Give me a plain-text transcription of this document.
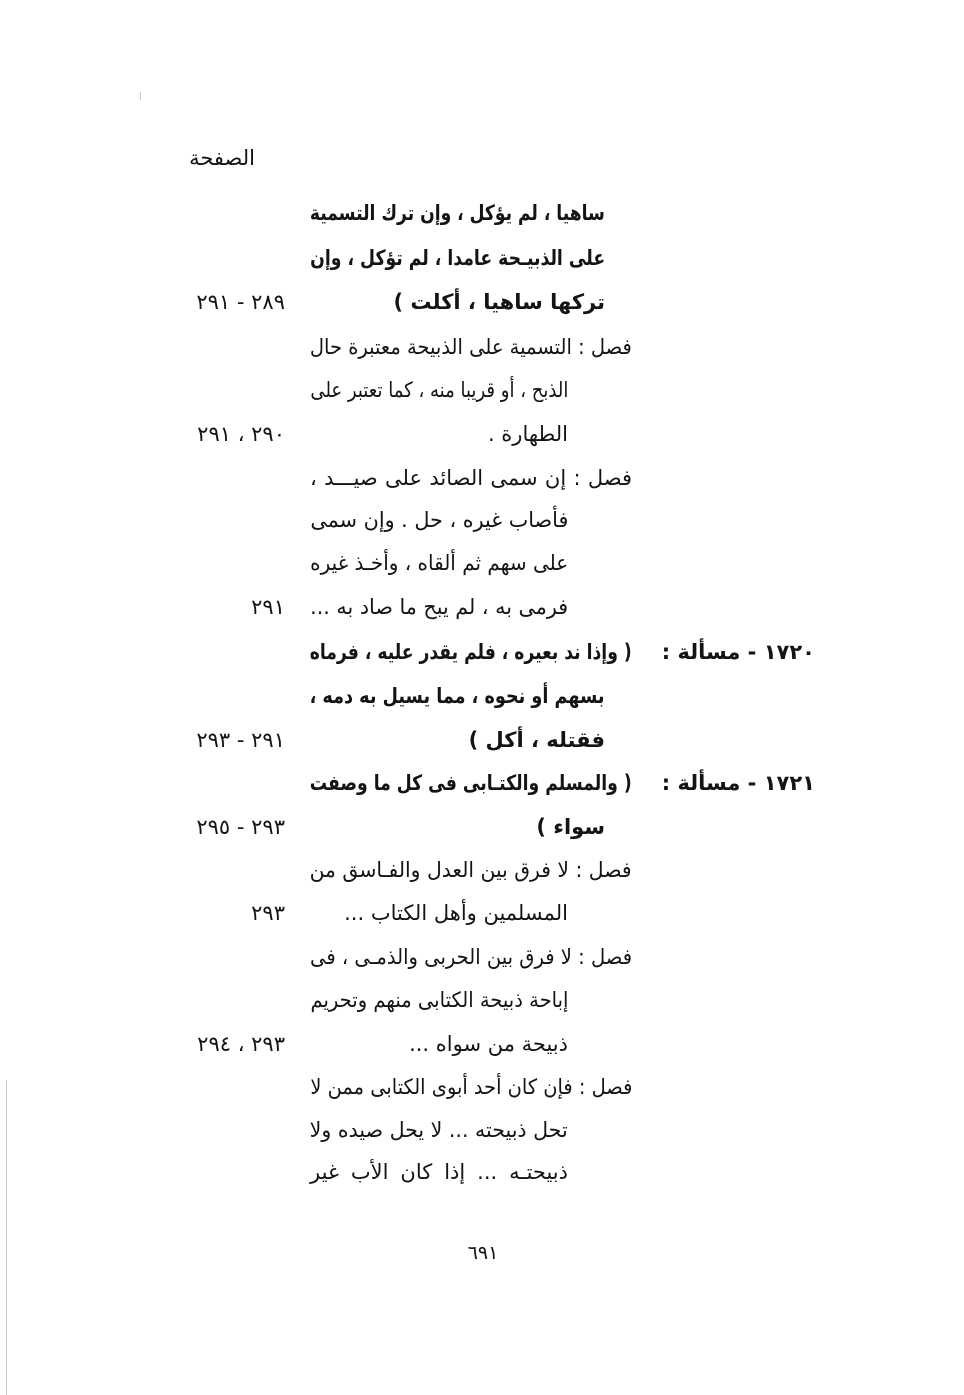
الصفحة
ساهيا ، لم يؤكل ، وإن ترك التسمية
على الذبيـحة عامدا ، لم تؤكل ، وإن
تركها ساهيا ، أكلت )
٢٨٩ - ٢٩١
فصل : التسمية على الذبيحة معتبرة حال
الذبح ، أو قريبا منه ، كما تعتبر على
الطهارة .
٢٩٠ ، ٢٩١
فصل : إن سمى الصائد على صيـــد ،
فأصاب غيره ، حل . وإن سمى
على سهم ثم ألقاه ، وأخـذ غيره
فرمى به ، لم يبح ما صاد به ...
٢٩١
١٧٢٠ - مسألة :
( وإذا ند بعيره ، فلم يقدر عليه ، فرماه
بسهم أو نحوه ، مما يسيل به دمه ،
فقتله ، أكل )
٢٩١ - ٢٩٣
١٧٢١ - مسألة :
( والمسلم والكتـابى فى كل ما وصفت
سواء )
٢٩٣ - ٢٩٥
فصل : لا فرق بين العدل والفـاسق من
المسلمين وأهل الكتاب ...
٢٩٣
فصل : لا فرق بين الحربى والذمـى ، فى
إباحة ذبيحة الكتابى منهم وتحريم
ذبيحة من سواه ...
٢٩٣ ، ٢٩٤
فصل : فإن كان أحد أبوى الكتابى ممن لا
تحل ذبيحته ... لا يحل صيده ولا
ذبيحتـه ... إذا كان الأب غير
٦٩١
